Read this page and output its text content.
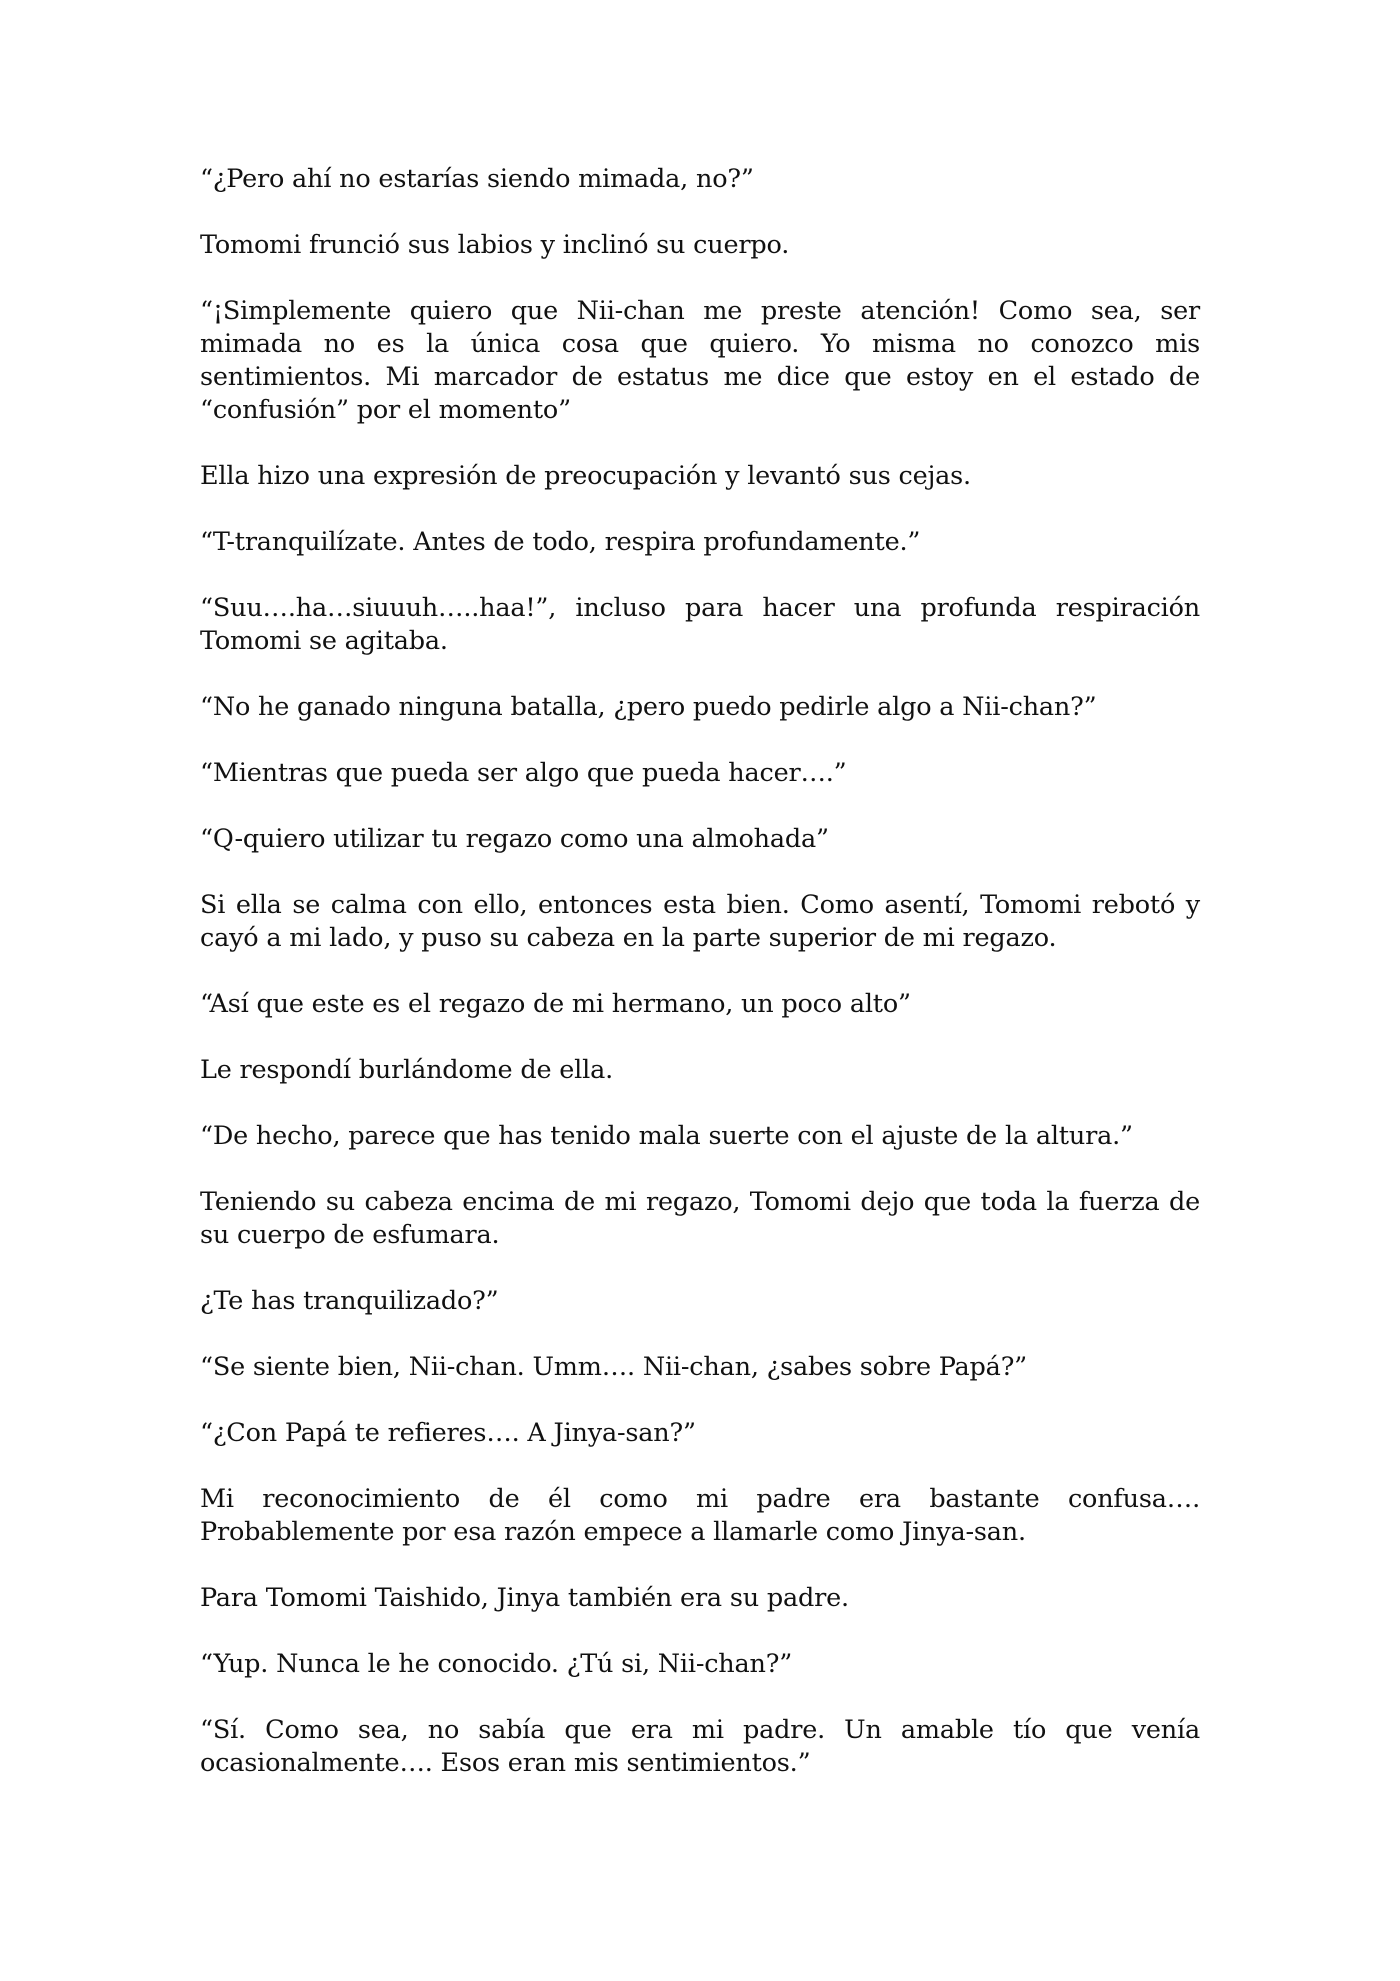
“¿Pero ahí no estarías siendo mimada, no?”

Tomomi frunció sus labios y inclinó su cuerpo.

“¡Simplemente quiero que Nii-chan me preste atención! Como sea, ser mimada no es la única cosa que quiero. Yo misma no conozco mis sentimientos. Mi marcador de estatus me dice que estoy en el estado de “confusión” por el momento”

Ella hizo una expresión de preocupación y levantó sus cejas.

“T-tranquilízate. Antes de todo, respira profundamente.”

“Suu….ha…siuuuh…..haa!”, incluso para hacer una profunda respiración Tomomi se agitaba.

“No he ganado ninguna batalla, ¿pero puedo pedirle algo a Nii-chan?”

“Mientras que pueda ser algo que pueda hacer….”

“Q-quiero utilizar tu regazo como una almohada”

Si ella se calma con ello, entonces esta bien. Como asentí, Tomomi rebotó y cayó a mi lado, y puso su cabeza en la parte superior de mi regazo.

“Así que este es el regazo de mi hermano, un poco alto”

Le respondí burlándome de ella.

“De hecho, parece que has tenido mala suerte con el ajuste de la altura.”

Teniendo su cabeza encima de mi regazo, Tomomi dejo que toda la fuerza de su cuerpo de esfumara.

¿Te has tranquilizado?”

“Se siente bien, Nii-chan. Umm…. Nii-chan, ¿sabes sobre Papá?”

“¿Con Papá te refieres…. A Jinya-san?”

Mi reconocimiento de él como mi padre era bastante confusa…. Probablemente por esa razón empece a llamarle como Jinya-san.

Para Tomomi Taishido, Jinya también era su padre.

“Yup. Nunca le he conocido. ¿Tú si, Nii-chan?”

“Sí. Como sea, no sabía que era mi padre. Un amable tío que venía ocasionalmente…. Esos eran mis sentimientos.”
